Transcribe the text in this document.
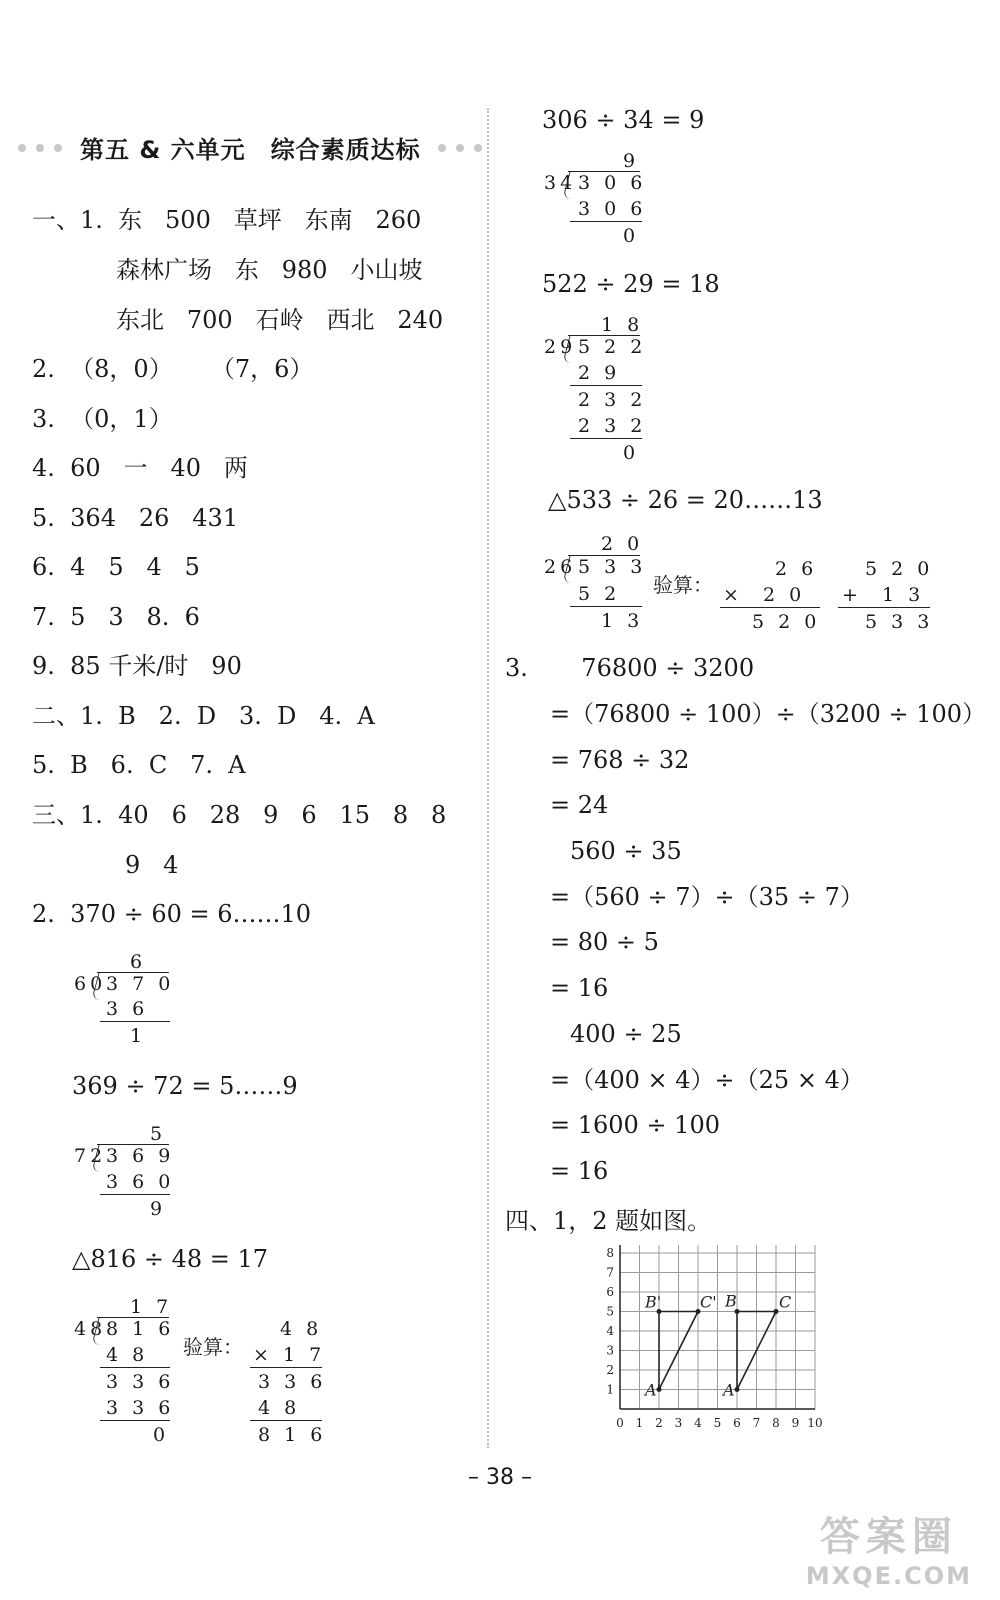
第五 & 六单元　综合素质达标
一、1.  东   500   草坪   东南   260
森林广场   东   980   小山坡
东北   700   石岭   西北   240
2.  （8，0）     （7，6）
3.  （0，1）
4.  60   一   40   两
5.  364   26   431
6.  4   5   4   5
7.  5   3   8.  6
9.  85 千米/时   90
二、1.  B   2.  D   3.  D   4.  A
5.  B   6.  C   7.  A
三、1.  40   6   28   9   6   15   8   8
9   4
2.  370 ÷ 60 = 6……10
6
60 3 7 0
3 6
1
369 ÷ 72 = 5……9
5
72 3 6 9
3 6 0
9
△816 ÷ 48 = 17
1 7
48 8 1 6
4 8
3 3 6
3 3 6
0
验算：
4 8
× 1 7
3 3 6
4 8
8 1 6
306 ÷ 34 = 9
9
34 3 0 6
3 0 6
0
522 ÷ 29 = 18
1 8
29 5 2 2
2 9
2 3 2
2 3 2
0
△533 ÷ 26 = 20……13
2 0
26 5 3 3
5 2
1 3
验算：
2 6
×  2 0
5 2 0
5 2 0
+  1 3
5 3 3
3.       76800 ÷ 3200
=（76800 ÷ 100）÷（3200 ÷ 100）
= 768 ÷ 32
= 24
560 ÷ 35
=（560 ÷ 7）÷（35 ÷ 7）
= 80 ÷ 5
= 16
400 ÷ 25
=（400 × 4）÷（25 × 4）
= 1600 ÷ 100
= 16
四、1，2 题如图。
0 1 2 3 4 5 6 7 8 9 10
1
2
3
4
5
6
7
8
A'
B' C'
A
B	C
– 38 –
答案圈
MXQE.COM
